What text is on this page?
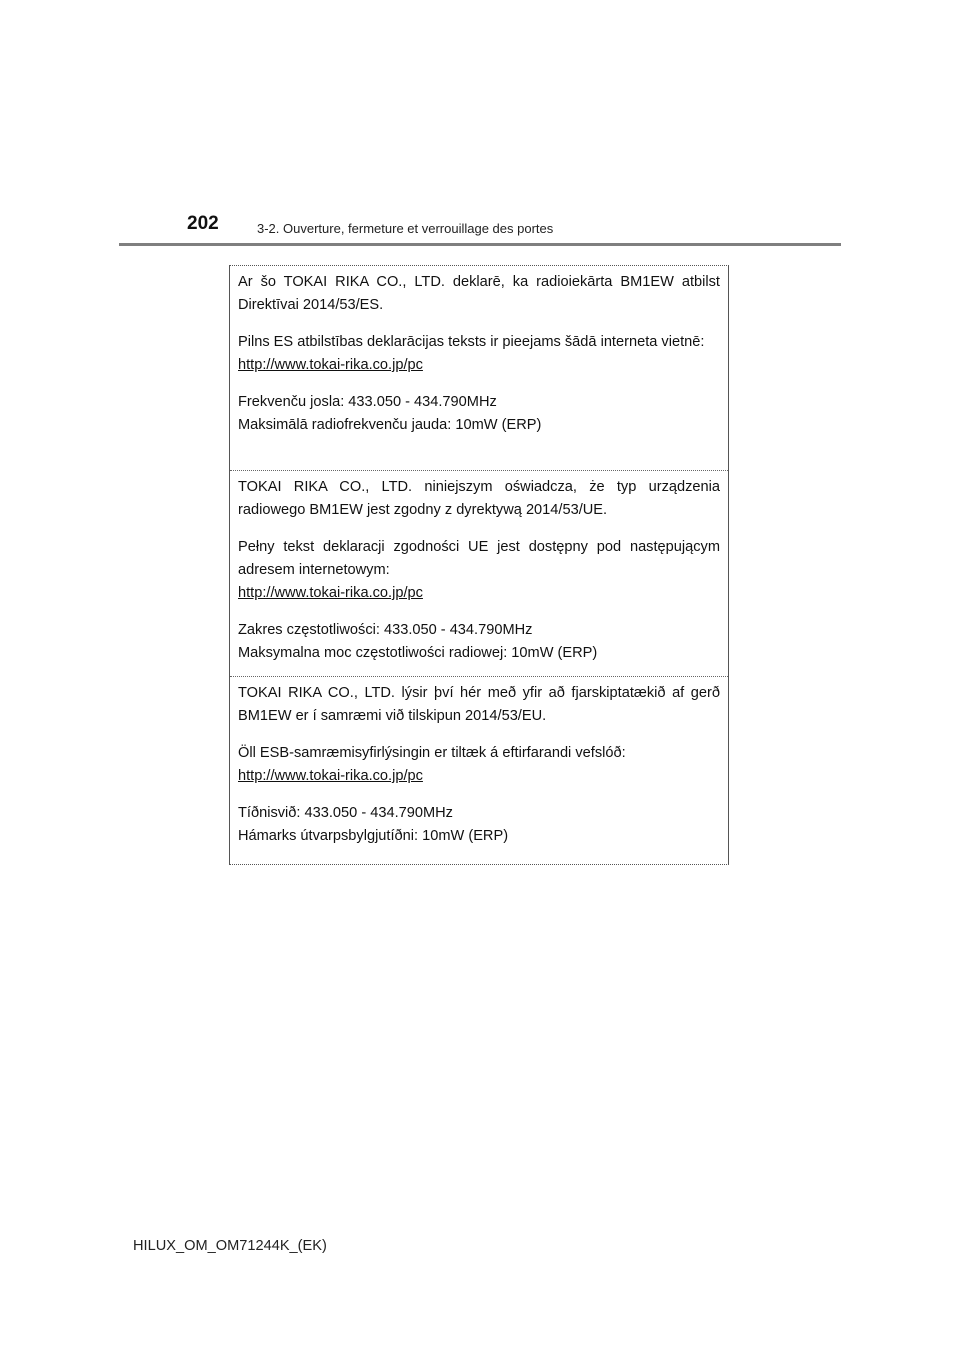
202	3-2. Ouverture, fermeture et verrouillage des portes

Ar šo TOKAI RIKA CO., LTD. deklarē, ka radioiekārta BM1EW atbilst Direktīvai 2014/53/ES.

Pilns ES atbilstības deklarācijas teksts ir pieejams šādā interneta vietnē:
http://www.tokai-rika.co.jp/pc

Frekvenču josla: 433.050 - 434.790MHz
Maksimālā radiofrekvenču jauda: 10mW (ERP)

TOKAI RIKA CO., LTD. niniejszym oświadcza, że typ urządzenia radiowego BM1EW jest zgodny z dyrektywą 2014/53/UE.

Pełny tekst deklaracji zgodności UE jest dostępny pod następującym adresem internetowym:
http://www.tokai-rika.co.jp/pc

Zakres częstotliwości: 433.050 - 434.790MHz
Maksymalna moc częstotliwości radiowej: 10mW (ERP)

TOKAI RIKA CO., LTD. lýsir því hér með yfir að fjarskiptatækið af gerð BM1EW er í samræmi við tilskipun 2014/53/EU.

Öll ESB-samræmisyfirlýsingin er tiltæk á eftirfarandi vefslóð:
http://www.tokai-rika.co.jp/pc

Tíðnisvið: 433.050 - 434.790MHz
Hámarks útvarpsbylgjutíðni: 10mW (ERP)
HILUX_OM_OM71244K_(EK)
